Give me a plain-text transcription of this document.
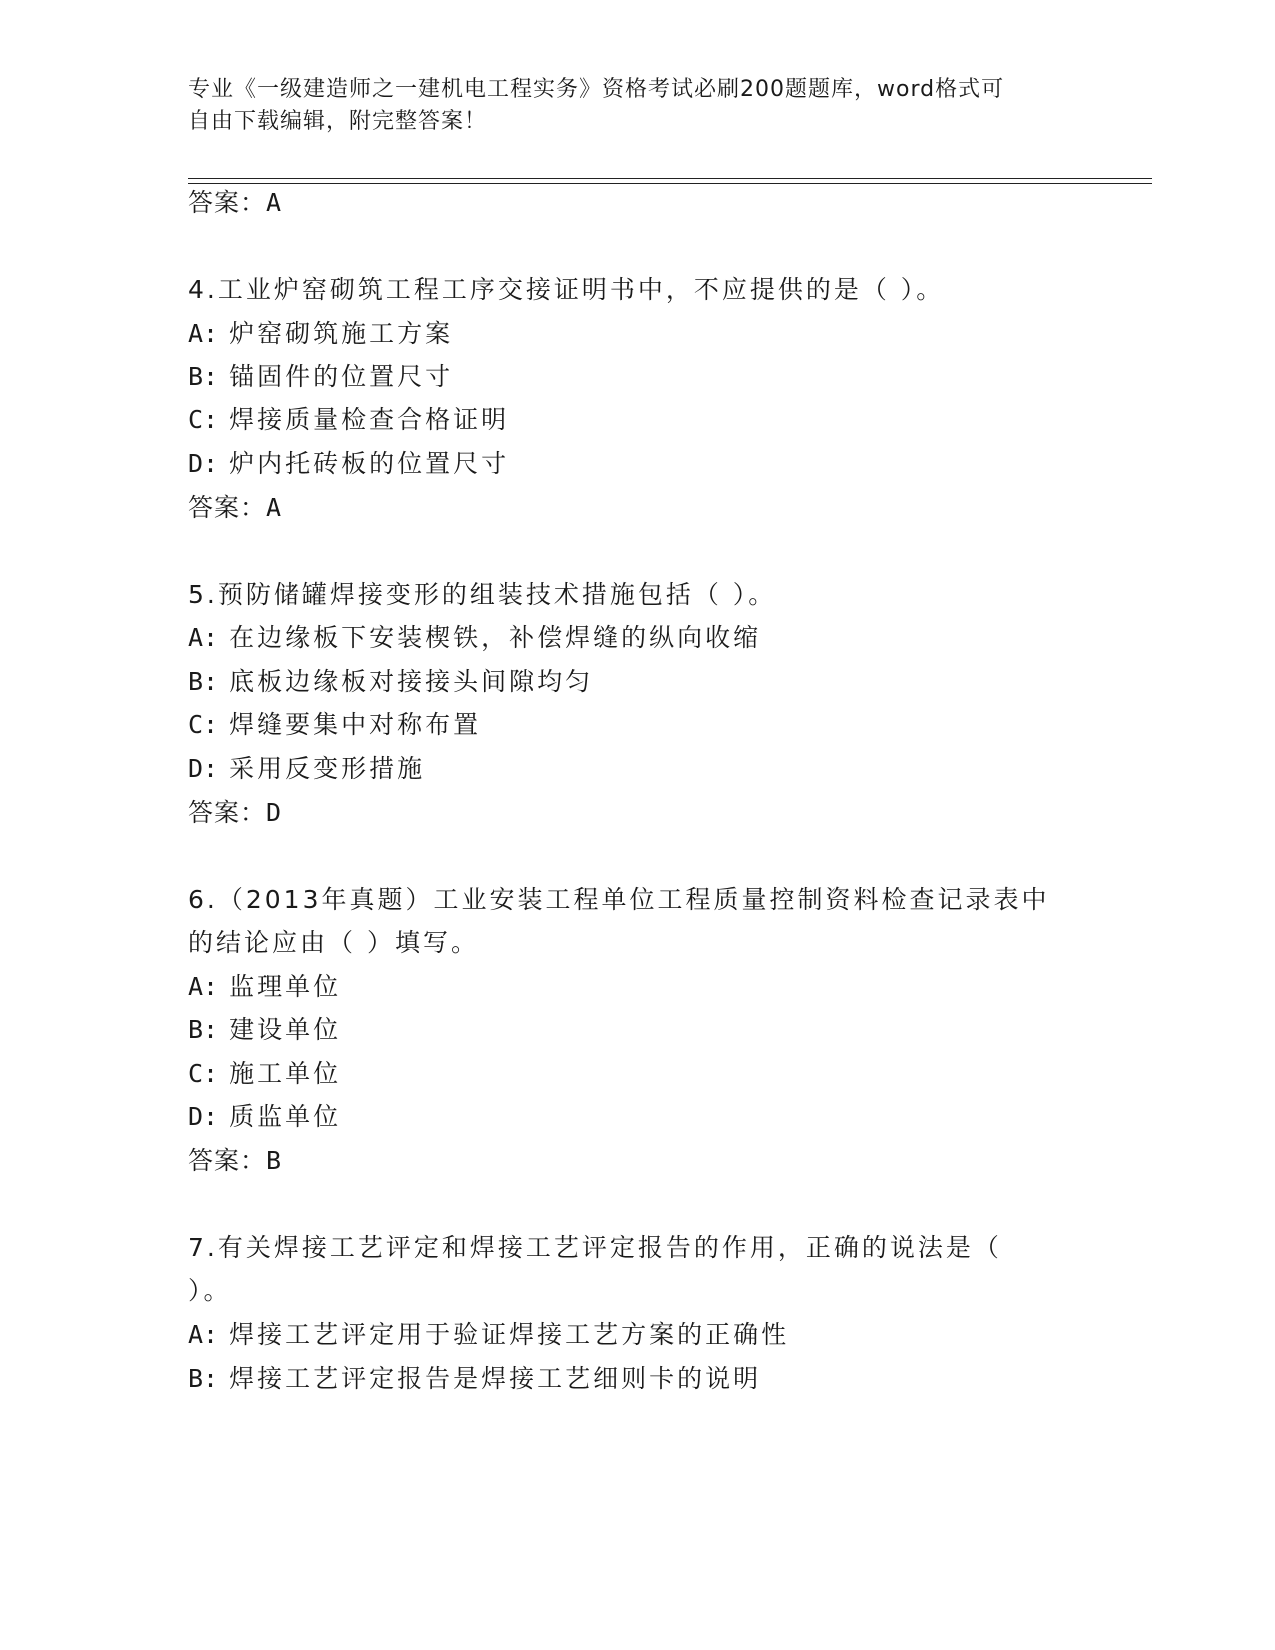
专业《一级建造师之一建机电工程实务》资格考试必刷200题题库，word格式可
自由下载编辑，附完整答案！
答案：A
4.工业炉窑砌筑工程工序交接证明书中，不应提供的是（ ）。
A: 炉窑砌筑施工方案
B: 锚固件的位置尺寸
C: 焊接质量检查合格证明
D: 炉内托砖板的位置尺寸
答案：A
5.预防储罐焊接变形的组装技术措施包括（ ）。
A: 在边缘板下安装楔铁，补偿焊缝的纵向收缩
B: 底板边缘板对接接头间隙均匀
C: 焊缝要集中对称布置
D: 采用反变形措施
答案：D
6.（2013年真题）工业安装工程单位工程质量控制资料检查记录表中
的结论应由（ ）填写。
A: 监理单位
B: 建设单位
C: 施工单位
D: 质监单位
答案：B
7.有关焊接工艺评定和焊接工艺评定报告的作用，正确的说法是（
）。
A: 焊接工艺评定用于验证焊接工艺方案的正确性
B: 焊接工艺评定报告是焊接工艺细则卡的说明
